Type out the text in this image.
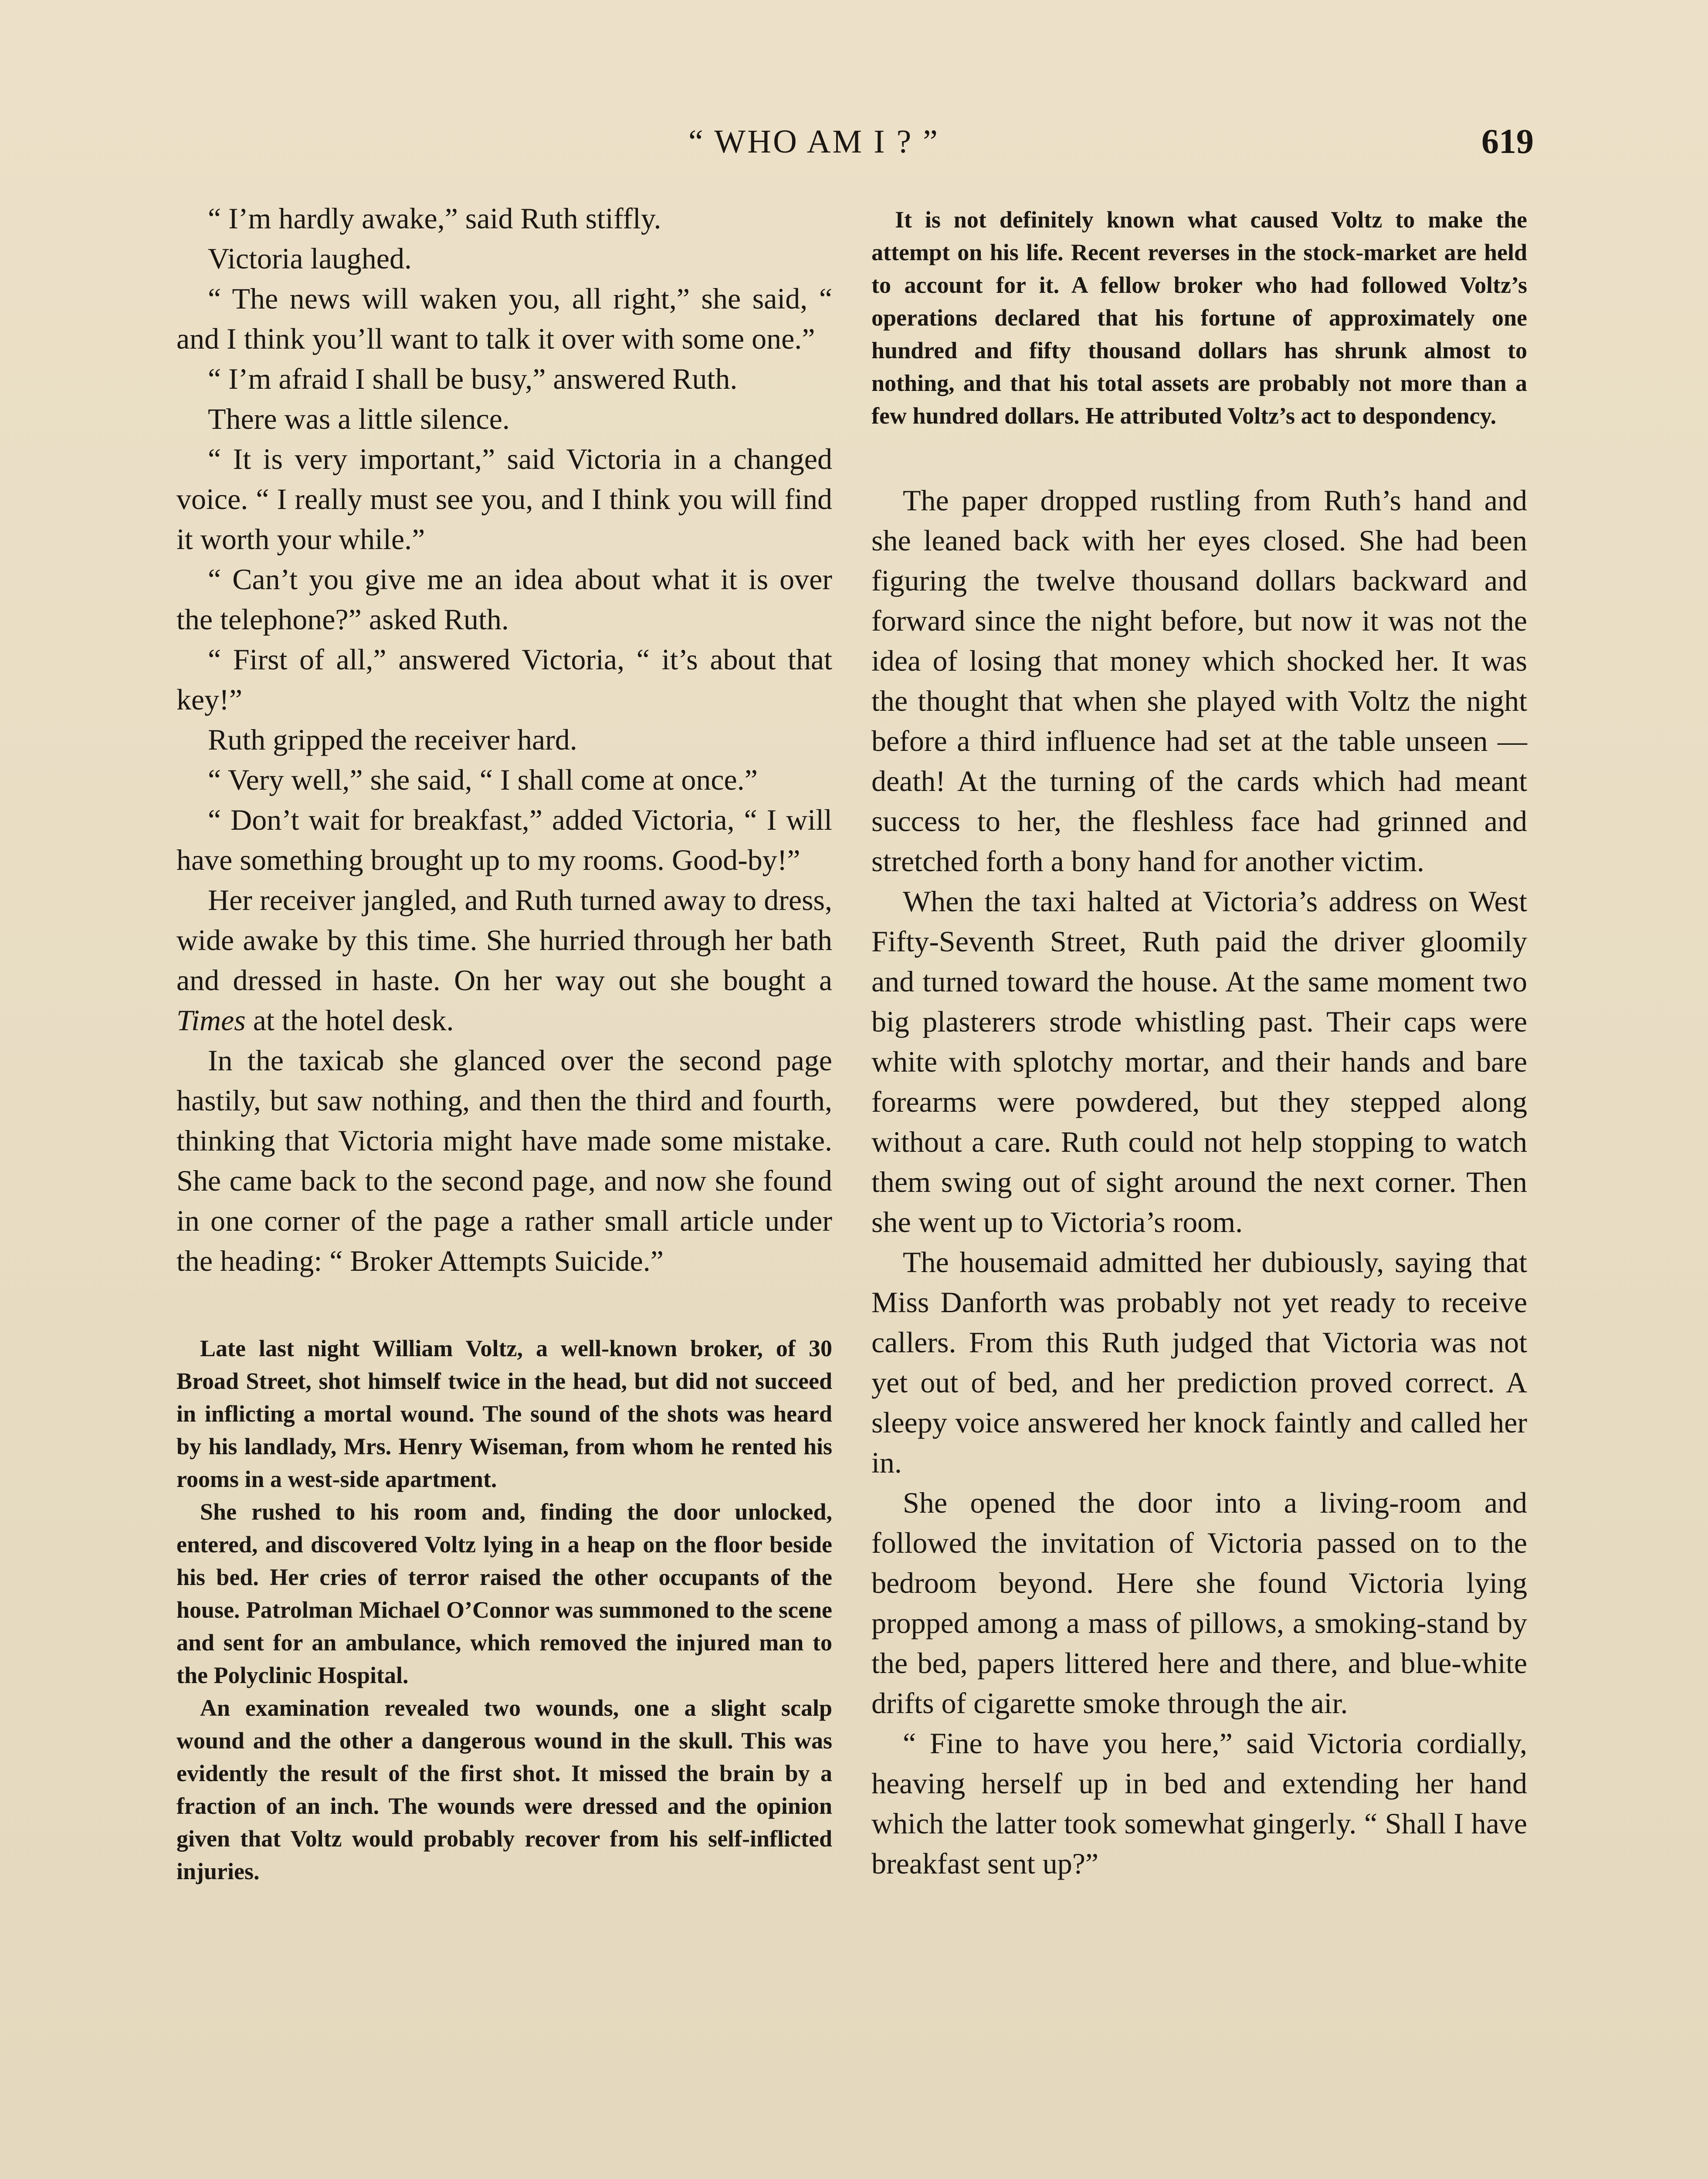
“ WHO AM I ? ”	619

“ I’m hardly awake,” said Ruth stiffly.

Victoria laughed.

“ The news will waken you, all right,” she said, “ and I think you’ll want to talk it over with some one.”

“ I’m afraid I shall be busy,” answered Ruth.

There was a little silence.

“ It is very important,” said Victoria in a changed voice. “ I really must see you, and I think you will find it worth your while.”

“ Can’t you give me an idea about what it is over the telephone?” asked Ruth.

“ First of all,” answered Victoria, “ it’s about that key!”

Ruth gripped the receiver hard.

“ Very well,” she said, “ I shall come at once.”

“ Don’t wait for breakfast,” added Victoria, “ I will have something brought up to my rooms. Good-by!”

Her receiver jangled, and Ruth turned away to dress, wide awake by this time. She hurried through her bath and dressed in haste. On her way out she bought a Times at the hotel desk.

In the taxicab she glanced over the second page hastily, but saw nothing, and then the third and fourth, thinking that Victoria might have made some mistake. She came back to the second page, and now she found in one corner of the page a rather small article under the heading: “ Broker Attempts Suicide.”

Late last night William Voltz, a well-known broker, of 30 Broad Street, shot himself twice in the head, but did not succeed in inflicting a mortal wound. The sound of the shots was heard by his landlady, Mrs. Henry Wiseman, from whom he rented his rooms in a west-side apartment.

She rushed to his room and, finding the door unlocked, entered, and discovered Voltz lying in a heap on the floor beside his bed. Her cries of terror raised the other occupants of the house. Patrolman Michael O’Connor was summoned to the scene and sent for an ambulance, which removed the injured man to the Polyclinic Hospital.

An examination revealed two wounds, one a slight scalp wound and the other a dangerous wound in the skull. This was evidently the result of the first shot. It missed the brain by a fraction of an inch. The wounds were dressed and the opinion given that Voltz would probably recover from his self-inflicted injuries.

It is not definitely known what caused Voltz to make the attempt on his life. Recent reverses in the stock-market are held to account for it. A fellow broker who had followed Voltz’s operations declared that his fortune of approximately one hundred and fifty thousand dollars has shrunk almost to nothing, and that his total assets are probably not more than a few hundred dollars. He attributed Voltz’s act to despondency.

The paper dropped rustling from Ruth’s hand and she leaned back with her eyes closed. She had been figuring the twelve thousand dollars backward and forward since the night before, but now it was not the idea of losing that money which shocked her. It was the thought that when she played with Voltz the night before a third influence had set at the table unseen —death! At the turning of the cards which had meant success to her, the fleshless face had grinned and stretched forth a bony hand for another victim.

When the taxi halted at Victoria’s address on West Fifty-Seventh Street, Ruth paid the driver gloomily and turned toward the house. At the same moment two big plasterers strode whistling past. Their caps were white with splotchy mortar, and their hands and bare forearms were powdered, but they stepped along without a care. Ruth could not help stopping to watch them swing out of sight around the next corner. Then she went up to Victoria’s room.

The housemaid admitted her dubiously, saying that Miss Danforth was probably not yet ready to receive callers. From this Ruth judged that Victoria was not yet out of bed, and her prediction proved correct. A sleepy voice answered her knock faintly and called her in.

She opened the door into a living-room and followed the invitation of Victoria passed on to the bedroom beyond. Here she found Victoria lying propped among a mass of pillows, a smoking-stand by the bed, papers littered here and there, and blue-white drifts of cigarette smoke through the air.

“ Fine to have you here,” said Victoria cordially, heaving herself up in bed and extending her hand which the latter took somewhat gingerly. “ Shall I have breakfast sent up?”
